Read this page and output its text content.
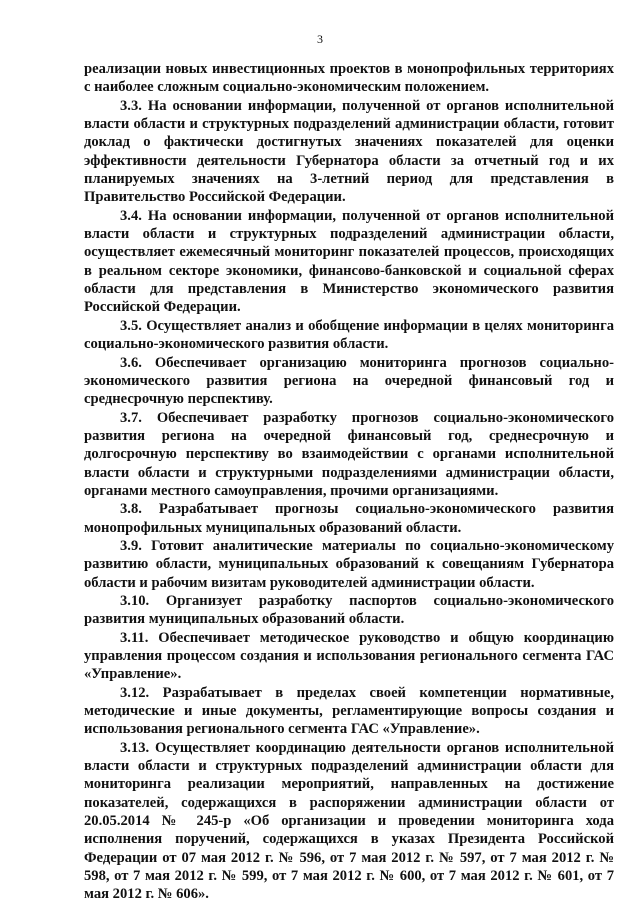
3

реализации новых инвестиционных проектов в монопрофильных территориях с наиболее сложным социально-экономическим положением.

3.3. На основании информации, полученной от органов исполнительной власти области и структурных подразделений администрации области, готовит доклад о фактически достигнутых значениях показателей для оценки эффективности деятельности Губернатора области за отчетный год и их планируемых значениях на 3-летний период для представления в Правительство Российской Федерации.

3.4. На основании информации, полученной от органов исполнительной власти области и структурных подразделений администрации области, осуществляет ежемесячный мониторинг показателей процессов, происходящих в реальном секторе экономики, финансово-банковской и социальной сферах области для представления в Министерство экономического развития Российской Федерации.

3.5. Осуществляет анализ и обобщение информации в целях мониторинга социально-экономического развития области.

3.6. Обеспечивает организацию мониторинга прогнозов социально-экономического развития региона на очередной финансовый год и среднесрочную перспективу.

3.7. Обеспечивает разработку прогнозов социально-экономического развития региона на очередной финансовый год, среднесрочную и долгосрочную перспективу во взаимодействии с органами исполнительной власти области и структурными подразделениями администрации области, органами местного самоуправления, прочими организациями.

3.8. Разрабатывает прогнозы социально-экономического развития монопрофильных муниципальных образований области.

3.9. Готовит аналитические материалы по социально-экономическому развитию области, муниципальных образований к совещаниям Губернатора области и рабочим визитам руководителей администрации области.

3.10. Организует разработку паспортов социально-экономического развития муниципальных образований области.

3.11. Обеспечивает методическое руководство и общую координацию управления процессом создания и использования регионального сегмента ГАС «Управление».

3.12. Разрабатывает в пределах своей компетенции нормативные, методические и иные документы, регламентирующие вопросы создания и использования регионального сегмента ГАС «Управление».

3.13. Осуществляет координацию деятельности органов исполнительной власти области и структурных подразделений администрации области для мониторинга реализации мероприятий, направленных на достижение показателей, содержащихся в распоряжении администрации области от 20.05.2014 № 245-р «Об организации и проведении мониторинга хода исполнения поручений, содержащихся в указах Президента Российской Федерации от 07 мая 2012 г. № 596, от 7 мая 2012 г. № 597, от 7 мая 2012 г. № 598, от 7 мая 2012 г. № 599, от 7 мая 2012 г. № 600, от 7 мая 2012 г. № 601, от 7 мая 2012 г. № 606».
